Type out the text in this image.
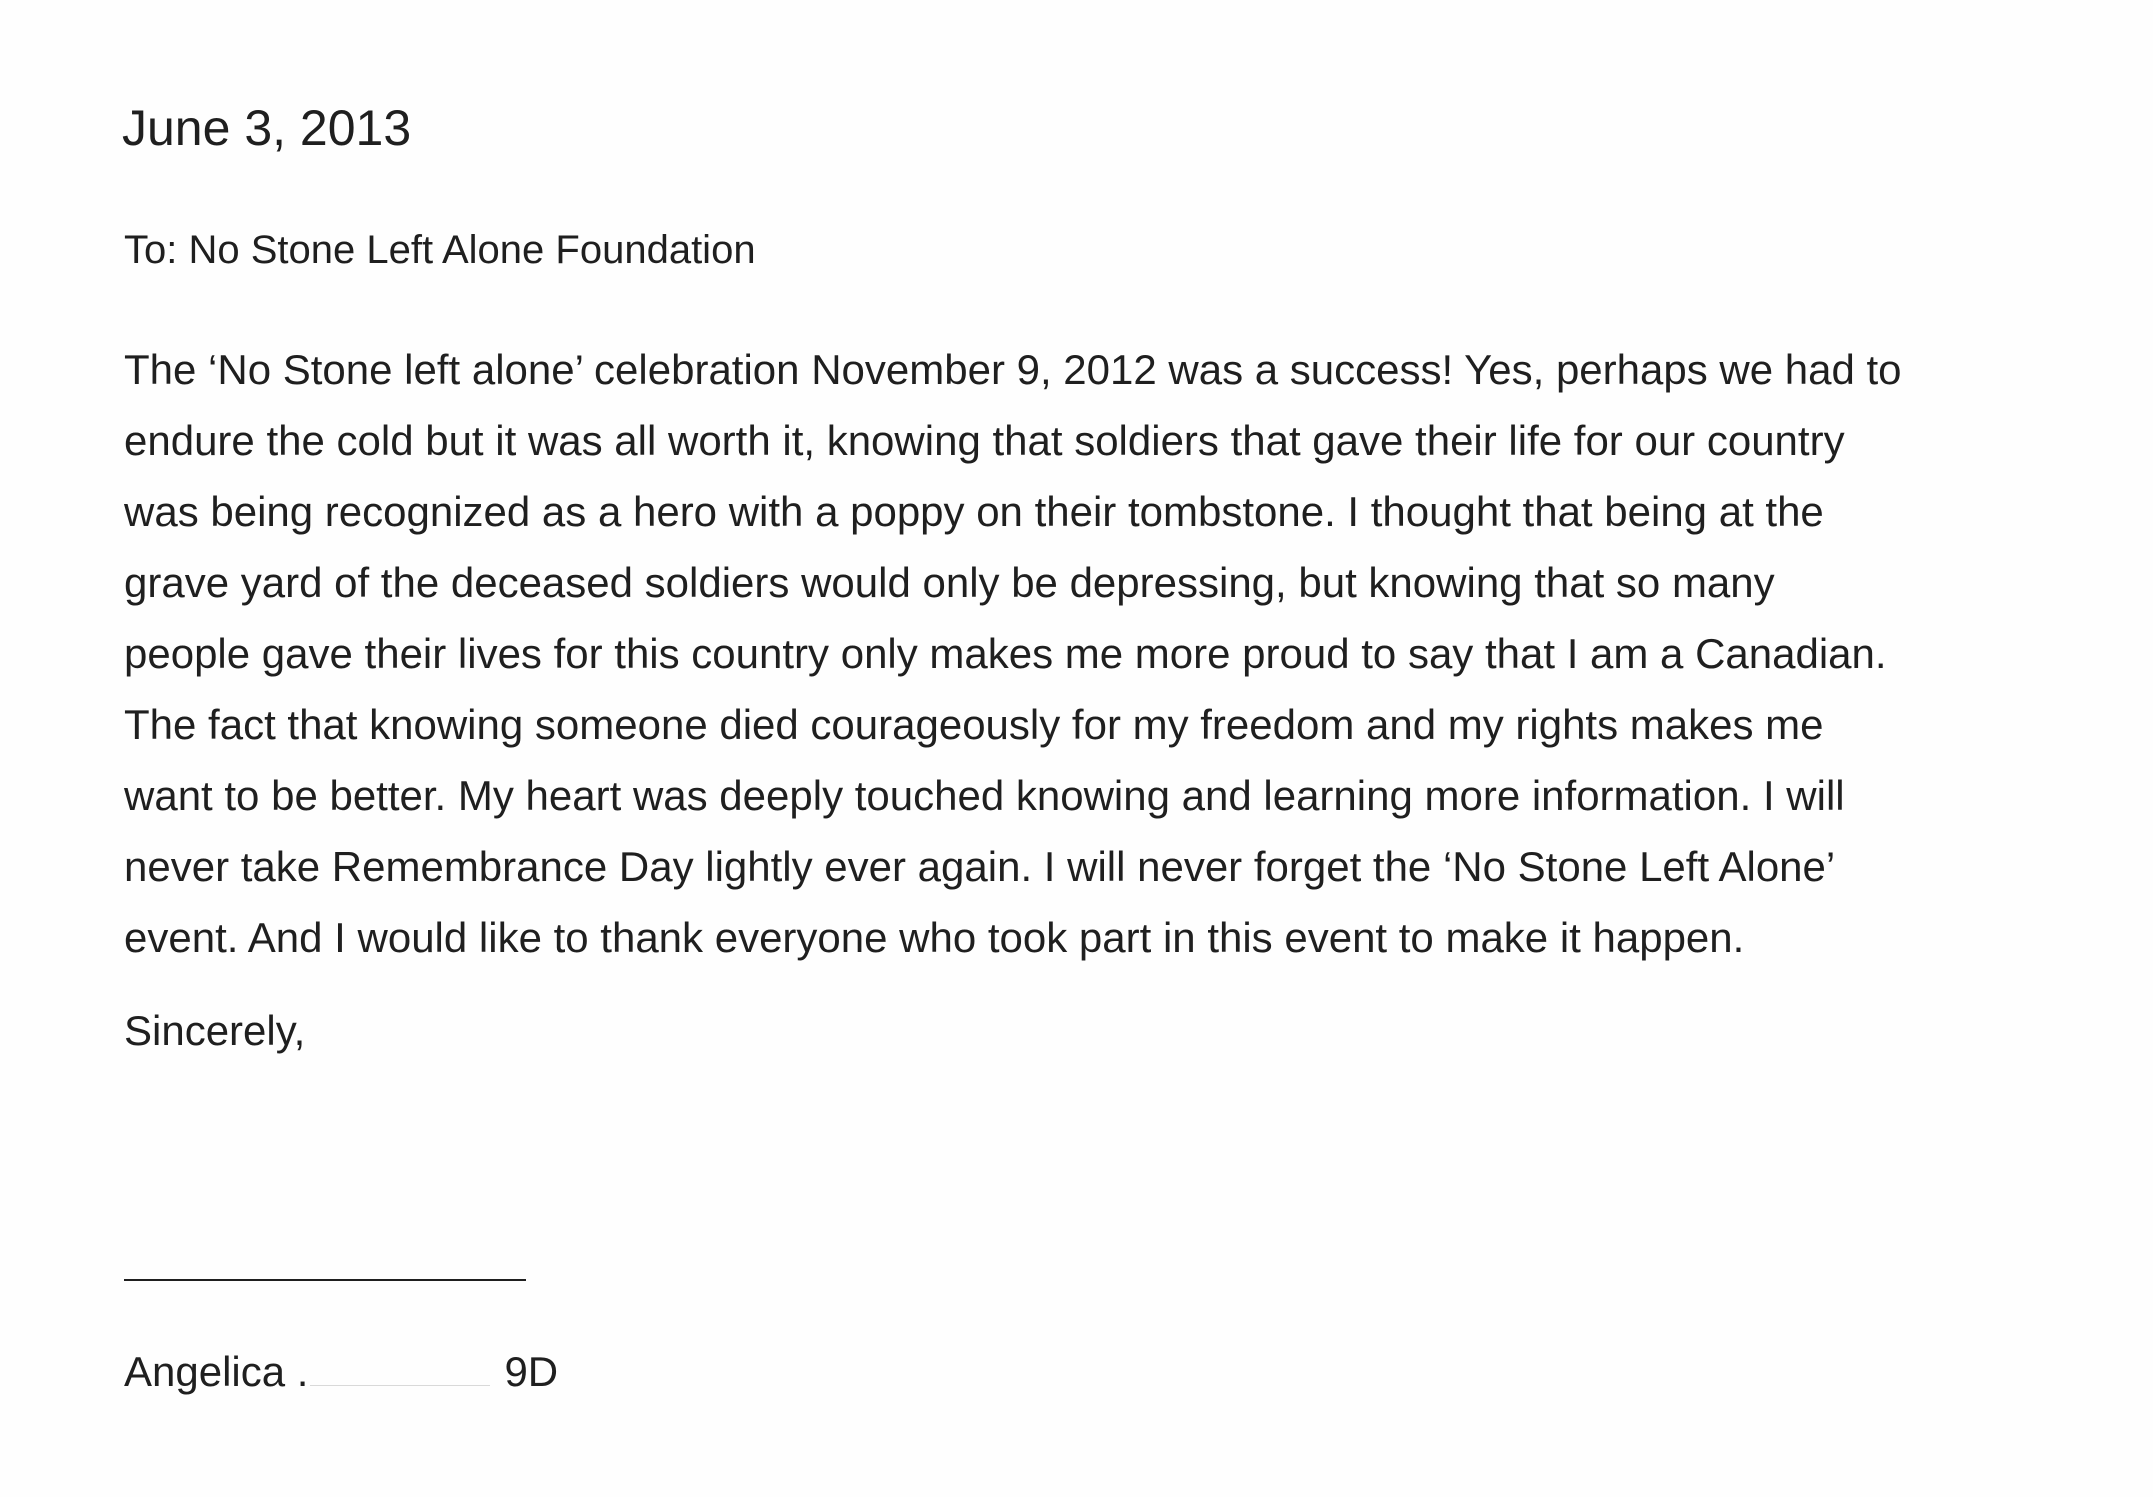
June 3, 2013
To: No Stone Left Alone Foundation
The ‘No Stone left alone’ celebration November 9, 2012 was a success! Yes, perhaps we had to
endure the cold but it was all worth it, knowing that soldiers that gave their life for our country
was being recognized as a hero with a poppy on their tombstone. I thought that being at the
grave yard of the deceased soldiers would only be depressing, but knowing that so many
people gave their lives for this country only makes me more proud to say that I am a Canadian.
The fact that knowing someone died courageously for my freedom and my rights makes me
want to be better. My heart was deeply touched knowing and learning more information. I will
never take Remembrance Day lightly ever again. I will never forget the ‘No Stone Left Alone’
event. And I would like to thank everyone who took part in this event to make it happen.
Sincerely,
Angelica .	9D
